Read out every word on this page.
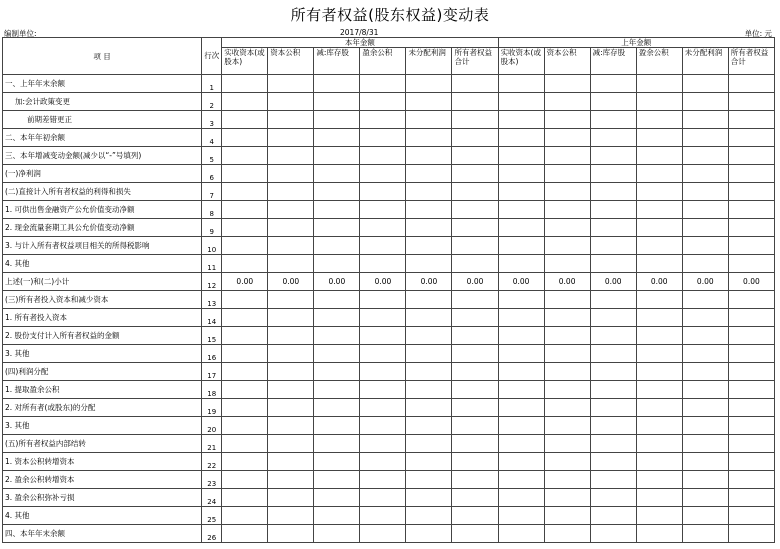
所有者权益(股东权益)变动表
编制单位:	2017/8/31	单位: 元
项 目	行次	本年金额						上年金额					
		实收资本(或股本)	资本公积	减:库存股	盈余公积	未分配利润	所有者权益合计	实收资本(或股本)	资本公积	减:库存股	盈余公积	未分配利润	所有者权益合计
一、上年年末余额	1												
加:会计政策变更	2												
前期差错更正	3												
二、本年年初余额	4												
三、本年增减变动金额(减少以“-”号填列)	5												
(一)净利润	6												
(二)直接计入所有者权益的利得和损失	7												
1. 可供出售金融资产公允价值变动净额	8												
2. 现金流量套期工具公允价值变动净额	9												
3. 与计入所有者权益项目相关的所得税影响	10												
4. 其他	11												
上述(一)和(二)小计	12	0.00	0.00	0.00	0.00	0.00	0.00	0.00	0.00	0.00	0.00	0.00	0.00
(三)所有者投入资本和减少资本	13												
1. 所有者投入资本	14												
2. 股份支付计入所有者权益的金额	15												
3. 其他	16												
(四)利润分配	17												
1. 提取盈余公积	18												
2. 对所有者(或股东)的分配	19												
3. 其他	20												
(五)所有者权益内部结转	21												
1. 资本公积转增资本	22												
2. 盈余公积转增资本	23												
3. 盈余公积弥补亏损	24												
4. 其他	25												
四、本年年末余额	26												
